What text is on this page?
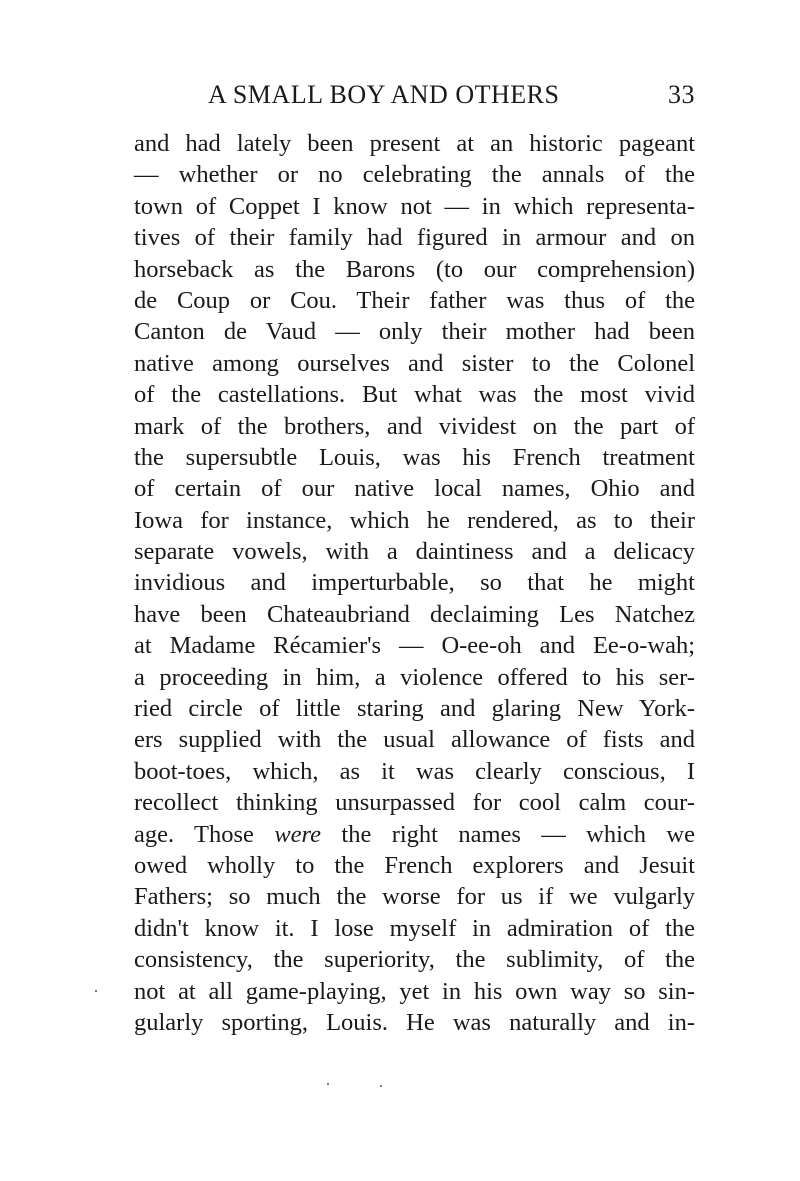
A SMALL BOY AND OTHERS	33
and had lately been present at an historic pageant
— whether or no celebrating the annals of the
town of Coppet I know not — in which representa-
tives of their family had figured in armour and on
horseback as the Barons (to our comprehension)
de Coup or Cou. Their father was thus of the
Canton de Vaud — only their mother had been
native among ourselves and sister to the Colonel
of the castellations. But what was the most vivid
mark of the brothers, and vividest on the part of
the supersubtle Louis, was his French treatment
of certain of our native local names, Ohio and
Iowa for instance, which he rendered, as to their
separate vowels, with a daintiness and a delicacy
invidious and imperturbable, so that he might
have been Chateaubriand declaiming Les Natchez
at Madame Récamier's — O-ee-oh and Ee-o-wah;
a proceeding in him, a violence offered to his ser-
ried circle of little staring and glaring New York-
ers supplied with the usual allowance of fists and
boot-toes, which, as it was clearly conscious, I
recollect thinking unsurpassed for cool calm cour-
age. Those were the right names — which we
owed wholly to the French explorers and Jesuit
Fathers; so much the worse for us if we vulgarly
didn't know it. I lose myself in admiration of the
consistency, the superiority, the sublimity, of the
not at all game-playing, yet in his own way so sin-
gularly sporting, Louis. He was naturally and in-
